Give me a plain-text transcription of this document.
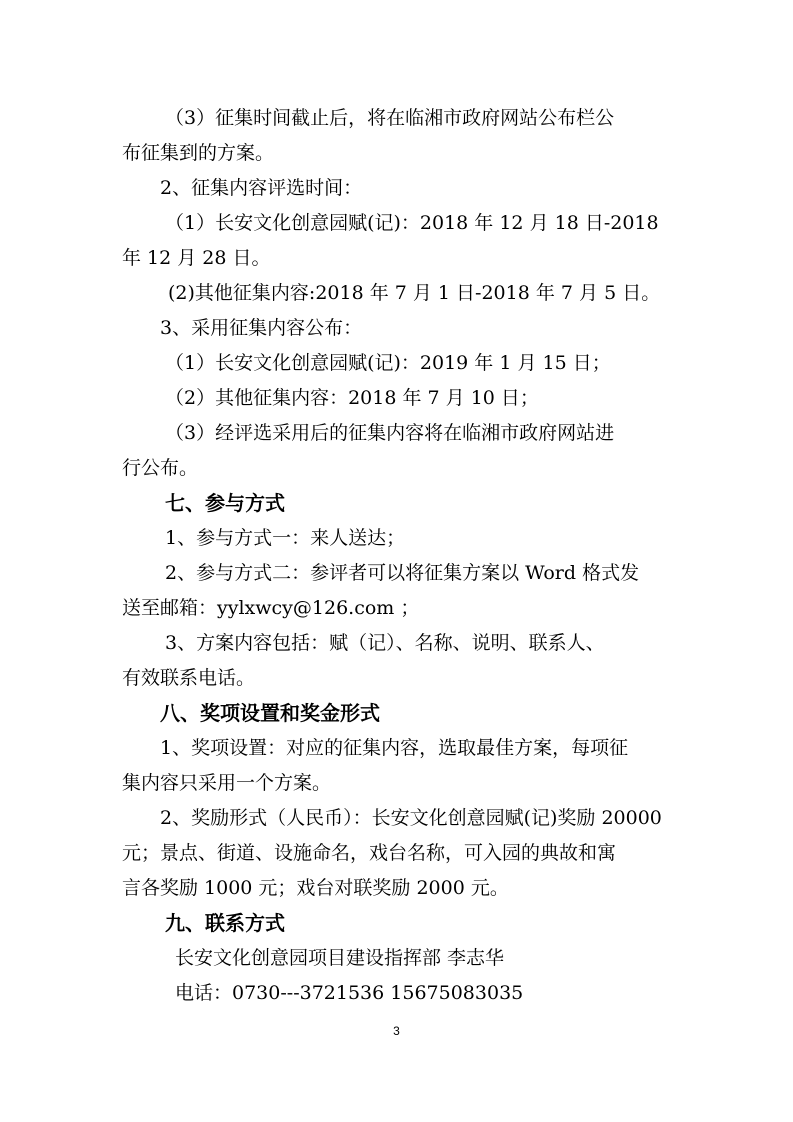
（3）征集时间截止后，将在临湘市政府网站公布栏公
布征集到的方案。
2、征集内容评选时间：
（1）长安文化创意园赋(记)：2018 年 12 月 18 日-2018
年 12 月 28 日。
(2)其他征集内容:2018 年 7 月 1 日-2018 年 7 月 5 日。
3、采用征集内容公布：
（1）长安文化创意园赋(记)：2019 年 1 月 15 日；
（2）其他征集内容：2018 年 7 月 10 日；
（3）经评选采用后的征集内容将在临湘市政府网站进
行公布。
七、参与方式
1、参与方式一：来人送达；
2、参与方式二：参评者可以将征集方案以 Word 格式发
送至邮箱：yylxwcy@126.com ；
3、方案内容包括：赋（记）、名称、说明、联系人、
有效联系电话。
八、奖项设置和奖金形式
1、奖项设置：对应的征集内容，选取最佳方案，每项征
集内容只采用一个方案。
2、奖励形式（人民币）：长安文化创意园赋(记)奖励 20000
元；景点、街道、设施命名，戏台名称，可入园的典故和寓
言各奖励 1000 元；戏台对联奖励 2000 元。
九、联系方式
长安文化创意园项目建设指挥部 李志华
电话：0730---3721536 15675083035
3
